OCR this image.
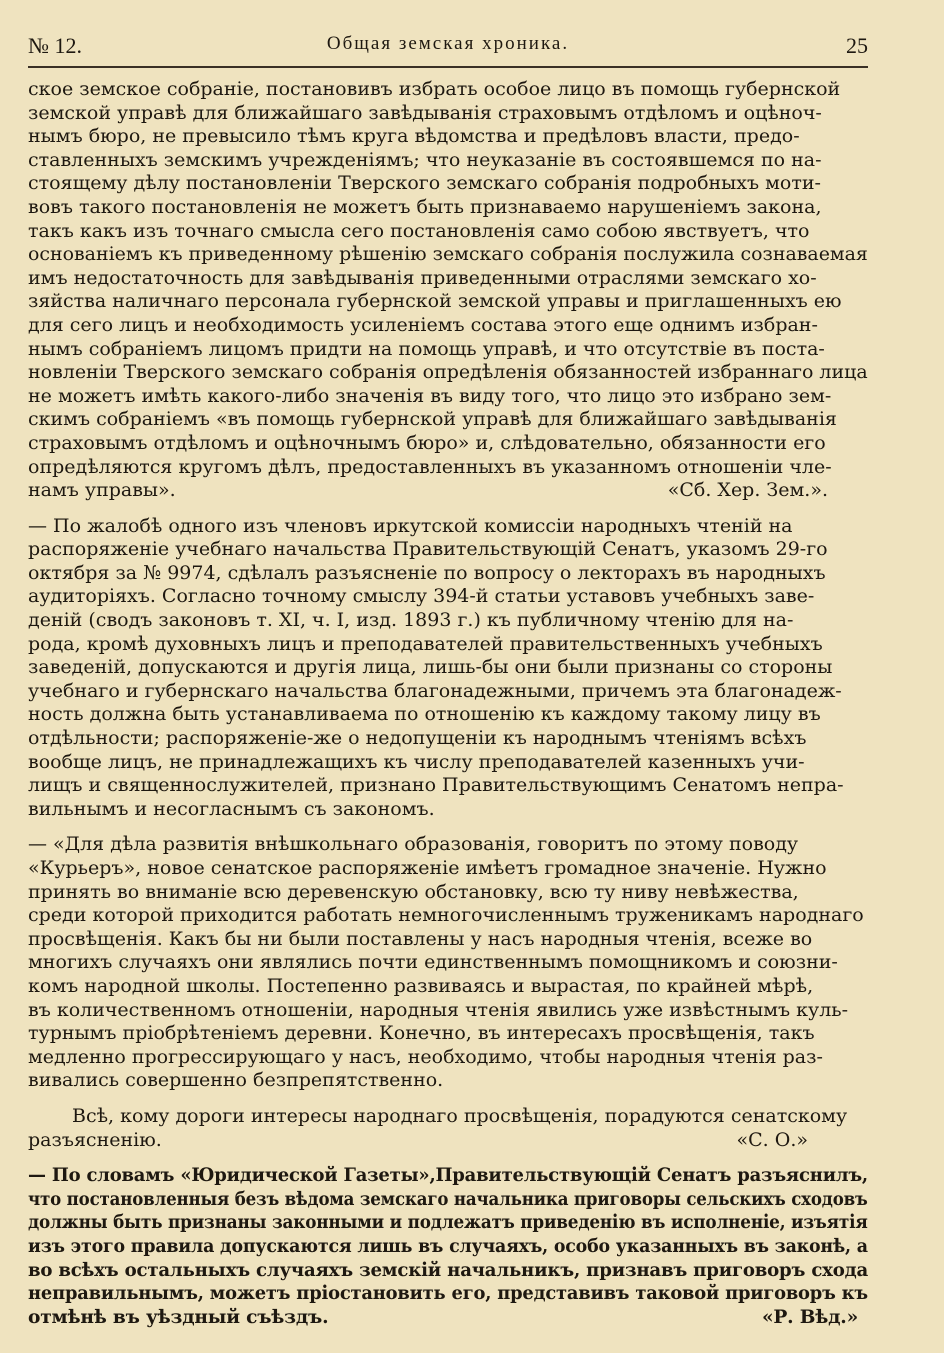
№ 12.	Общая земская хроника.	25
ское земское собраніе, постановивъ избрать особое лицо въ помощь губернской
земской управѣ для ближайшаго завѣдыванія страховымъ отдѣломъ и оцѣноч-
нымъ бюро, не превысило тѣмъ круга вѣдомства и предѣловъ власти, предо-
ставленныхъ земскимъ учрежденіямъ; что неуказаніе въ состоявшемся по на-
стоящему дѣлу постановленіи Тверского земскаго собранія подробныхъ моти-
вовъ такого постановленія не можетъ быть признаваемо нарушеніемъ закона,
такъ какъ изъ точнаго смысла сего постановленія само собою явствуетъ, что
основаніемъ къ приведенному рѣшенію земскаго собранія послужила сознаваемая
имъ недостаточность для завѣдыванія приведенными отраслями земскаго хо-
зяйства наличнаго персонала губернской земской управы и приглашенныхъ ею
для сего лицъ и необходимость усиленіемъ состава этого еще однимъ избран-
нымъ собраніемъ лицомъ придти на помощь управѣ, и что отсутствіе въ поста-
новленіи Тверского земскаго собранія опредѣленія обязанностей избраннаго лица
не можетъ имѣть какого-либо значенія въ виду того, что лицо это избрано зем-
скимъ собраніемъ «въ помощь губернской управѣ для ближайшаго завѣдыванія
страховымъ отдѣломъ и оцѣночнымъ бюро» и, слѣдовательно, обязанности его
опредѣляются кругомъ дѣлъ, предоставленныхъ въ указанномъ отношеніи чле-
намъ управы».	«Сб. Хер. Зем.».
— По жалобѣ одного изъ членовъ иркутской комиссіи народныхъ чтеній на
распоряженіе учебнаго начальства Правительствующій Сенатъ, указомъ 29-го
октября за № 9974, сдѣлалъ разъясненіе по вопросу о лекторахъ въ народныхъ
аудиторіяхъ. Согласно точному смыслу 394-й статьи уставовъ учебныхъ заве-
деній (сводъ законовъ т. XI, ч. I, изд. 1893 г.) къ публичному чтенію для на-
рода, кромѣ духовныхъ лицъ и преподавателей правительственныхъ учебныхъ
заведеній, допускаются и другія лица, лишь-бы они были признаны со стороны
учебнаго и губернскаго начальства благонадежными, причемъ эта благонадеж-
ность должна быть устанавливаема по отношенію къ каждому такому лицу въ
отдѣльности; распоряженіе-же о недопущеніи къ народнымъ чтеніямъ всѣхъ
вообще лицъ, не принадлежащихъ къ числу преподавателей казенныхъ учи-
лищъ и священнослужителей, признано Правительствующимъ Сенатомъ непра-
вильнымъ и несогласнымъ съ закономъ.
— «Для дѣла развитія внѣшкольнаго образованія, говоритъ по этому поводу
«Курьеръ», новое сенатское распоряженіе имѣетъ громадное значеніе. Нужно
принять во вниманіе всю деревенскую обстановку, всю ту ниву невѣжества,
среди которой приходится работать немногочисленнымъ труженикамъ народнаго
просвѣщенія. Какъ бы ни были поставлены у насъ народныя чтенія, всеже во
многихъ случаяхъ они являлись почти единственнымъ помощникомъ и союзни-
комъ народной школы. Постепенно развиваясь и вырастая, по крайней мѣрѣ,
въ количественномъ отношеніи, народныя чтенія явились уже извѣстнымъ куль-
турнымъ пріобрѣтеніемъ деревни. Конечно, въ интересахъ просвѣщенія, такъ
медленно прогрессирующаго у насъ, необходимо, чтобы народныя чтенія раз-
вивались совершенно безпрепятственно.
Всѣ, кому дороги интересы народнаго просвѣщенія, порадуются сенатскому
разъясненію.	«С. О.»
— По словамъ «Юридической Газеты»,Правительствующій Сенатъ разъяснилъ,
что постановленныя безъ вѣдома земскаго начальника приговоры сельскихъ сходовъ
должны быть признаны законными и подлежатъ приведенію въ исполненіе, изъятія
изъ этого правила допускаются лишь въ случаяхъ, особо указанныхъ въ законѣ, а
во всѣхъ остальныхъ случаяхъ земскій начальникъ, признавъ приговоръ схода
неправильнымъ, можетъ пріостановить его, представивъ таковой приговоръ къ
отмѣнѣ въ уѣздный съѣздъ.	«Р. Вѣд.»
